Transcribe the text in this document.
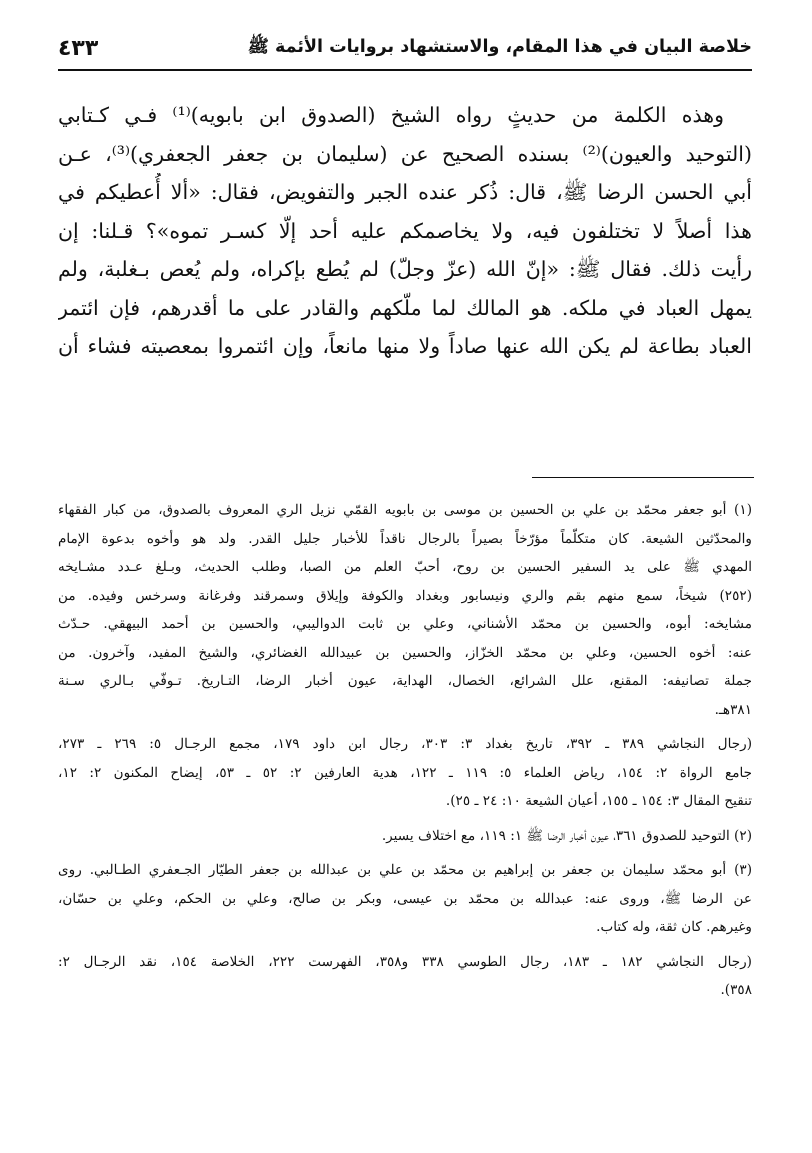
خلاصة البيان في هذا المقام، والاستشهاد بروايات الأئمة ﷺ
٤٣٣
وهذه الكلمة من حديثٍ رواه الشيخ (الصدوق ابن بابويه)⁽¹⁾ فـي كـتابي
(التوحيد والعيون)⁽²⁾ بسنده الصحيح عن (سليمان بن جعفر الجعفري)⁽³⁾، عـن
أبي الحسن الرضا ﷺ، قال: ذُكر عنده الجبر والتفويض، فقال: «ألا أُعطيكم في
هذا أصلاً لا تختلفون فيه، ولا يخاصمكم عليه أحد إلّا كسـر تموه»؟ قـلنا: إن
رأيت ذلك. فقال ﷺ: «إنّ الله (عزّ وجلّ) لم يُطع بإكراه، ولم يُعص بـغلبة، ولم
يمهل العباد في ملكه. هو المالك لما ملّكهم والقادر على ما أقدرهم، فإن ائتمر
العباد بطاعة لم يكن الله عنها صاداً ولا منها مانعاً، وإن ائتمروا بمعصيته فشاء أن
(١) أبو جعفر محمّد بن علي بن الحسين بن موسى بن بابويه القمّي نزيل الري المعروف بالصدوق، من كبار الفقهاء
والمحدّثين الشيعة. كان متكلّماً مؤرّخاً بصيراً بالرجال ناقداً للأخبار جليل القدر. ولد هو وأخوه بدعوة الإمام
المهدي ﷺ على يد السفير الحسين بن روح، أحبّ العلم من الصبا، وطلب الحديث، وبـلغ عـدد مشـايخه
(٢٥٢) شيخاً، سمع منهم بقم والري ونيسابور وبغداد والكوفة وإيلاق وسمرقند وفرغانة وسرخس وفيده. من
مشايخه: أبوه، والحسين بن محمّد الأشناني، وعلي بن ثابت الدواليبي، والحسين بن أحمد البيهقي. حـدّث
عنه: أخوه الحسين، وعلي بن محمّد الخزّاز، والحسين بن عبيدالله الغضائري، والشيخ المفيد، وآخرون. من
جملة تصانيفه: المقنع، علل الشرائع، الخصال، الهداية، عيون أخبار الرضا، التـاريخ. تـوفّي بـالري سـنة
٣٨١هـ.
(رجال النجاشي ٣٨٩ ـ ٣٩٢، تاريخ بغداد ٣: ٣٠٣، رجال ابن داود ١٧٩، مجمع الرجـال ٥: ٢٦٩ ـ ٢٧٣،
جامع الرواة ٢: ١٥٤، رياض العلماء ٥: ١١٩ ـ ١٢٢، هدية العارفين ٢: ٥٢ ـ ٥٣، إيضاح المكنون ٢: ١٢،
تنقيح المقال ٣: ١٥٤ ـ ١٥٥، أعيان الشيعة ١٠: ٢٤ ـ ٢٥).
(٢) التوحيد للصدوق ٣٦١، عيون أخبار الرضا ﷺ ١: ١١٩، مع اختلاف يسير.
(٣) أبو محمّد سليمان بن جعفر بن إبراهيم بن محمّد بن علي بن عبدالله بن جعفر الطيّار الجـعفري الطـالبي. روى
عن الرضا ﷺ، وروى عنه: عبدالله بن محمّد بن عيسى، وبكر بن صالح، وعلي بن الحكم، وعلي بن حسّان،
وغيرهم. كان ثقة، وله كتاب.
(رجال النجاشي ١٨٢ ـ ١٨٣، رجال الطوسي ٣٣٨ و٣٥٨، الفهرست ٢٢٢، الخلاصة ١٥٤، نقد الرجـال ٢:
٣٥٨).
